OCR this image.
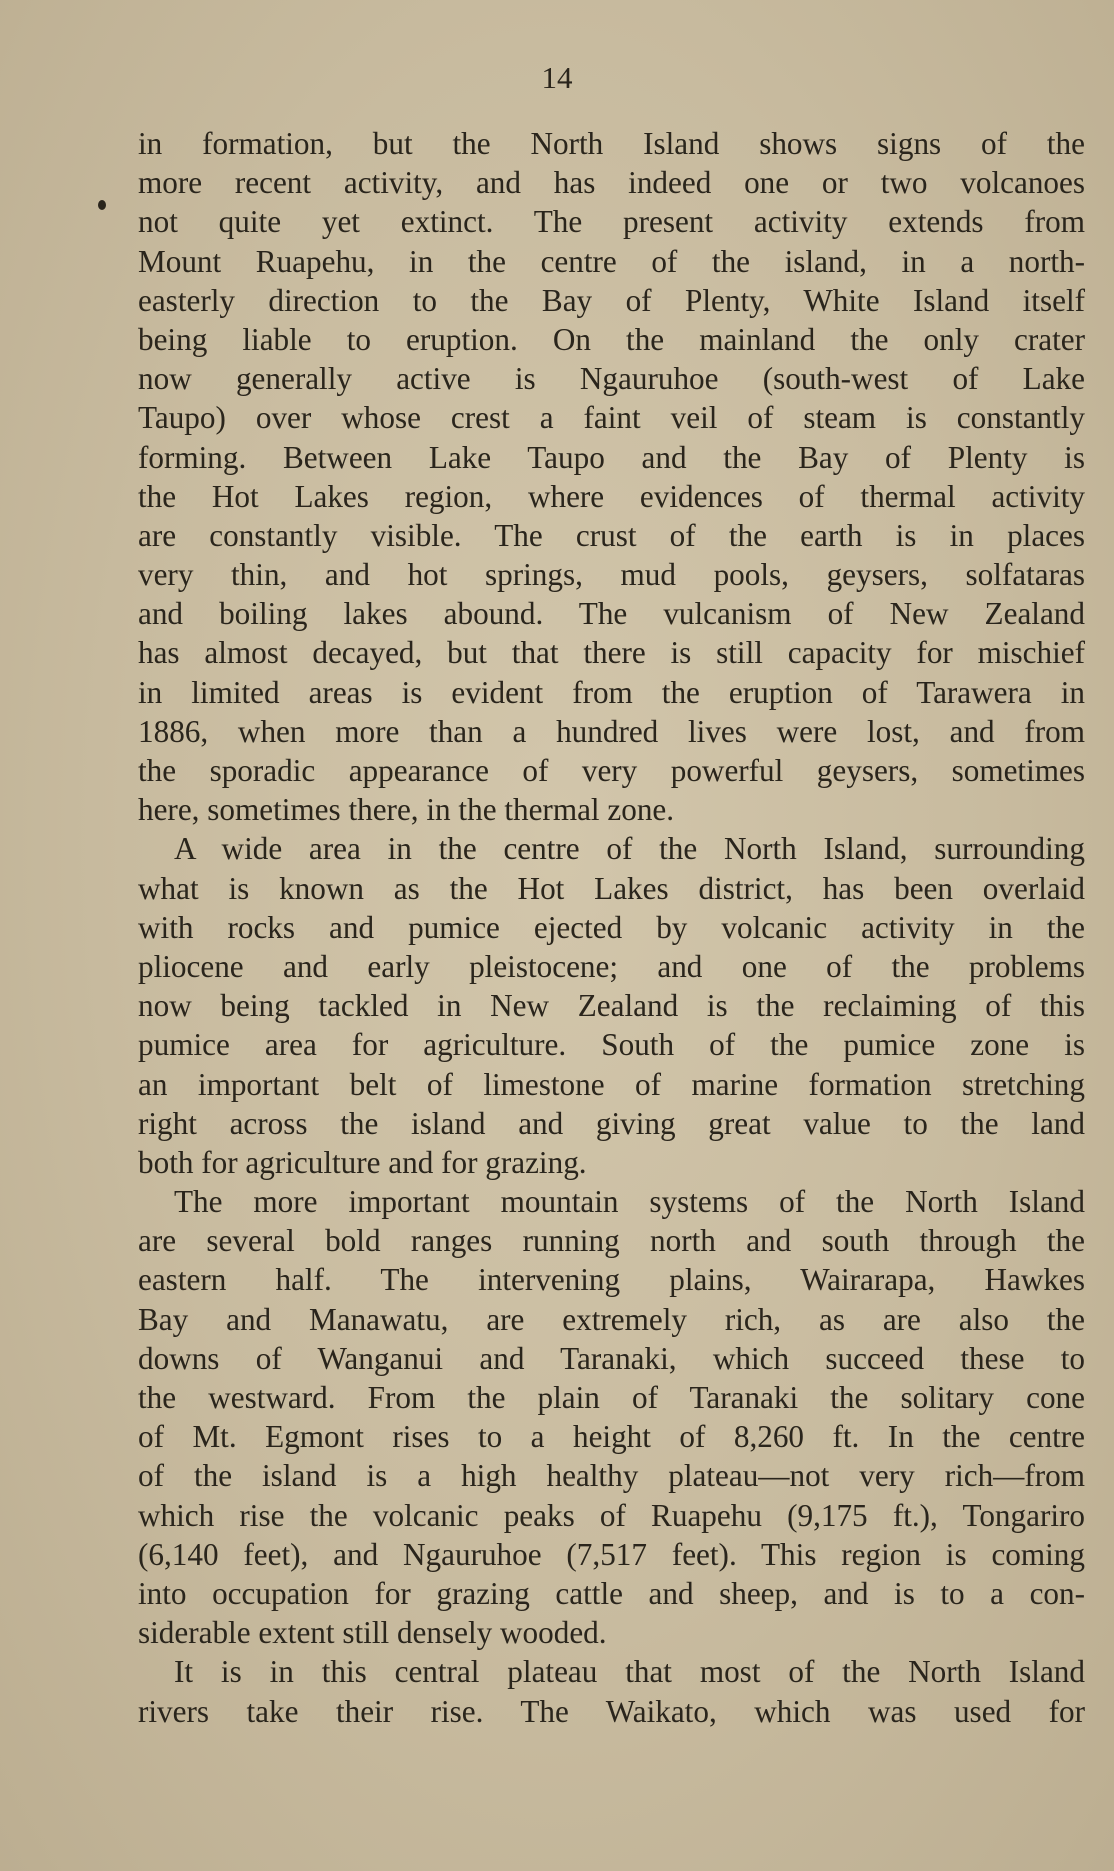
14
in formation, but the North Island shows signs of the
more recent activity, and has indeed one or two volcanoes
not quite yet extinct. The present activity extends from
Mount Ruapehu, in the centre of the island, in a north-
easterly direction to the Bay of Plenty, White Island itself
being liable to eruption. On the mainland the only crater
now generally active is Ngauruhoe (south-west of Lake
Taupo) over whose crest a faint veil of steam is constantly
forming. Between Lake Taupo and the Bay of Plenty is
the Hot Lakes region, where evidences of thermal activity
are constantly visible. The crust of the earth is in places
very thin, and hot springs, mud pools, geysers, solfataras
and boiling lakes abound. The vulcanism of New Zealand
has almost decayed, but that there is still capacity for mischief
in limited areas is evident from the eruption of Tarawera in
1886, when more than a hundred lives were lost, and from
the sporadic appearance of very powerful geysers, sometimes
here, sometimes there, in the thermal zone.
A wide area in the centre of the North Island, surrounding
what is known as the Hot Lakes district, has been overlaid
with rocks and pumice ejected by volcanic activity in the
pliocene and early pleistocene; and one of the problems
now being tackled in New Zealand is the reclaiming of this
pumice area for agriculture. South of the pumice zone is
an important belt of limestone of marine formation stretching
right across the island and giving great value to the land
both for agriculture and for grazing.
The more important mountain systems of the North Island
are several bold ranges running north and south through the
eastern half. The intervening plains, Wairarapa, Hawkes
Bay and Manawatu, are extremely rich, as are also the
downs of Wanganui and Taranaki, which succeed these to
the westward. From the plain of Taranaki the solitary cone
of Mt. Egmont rises to a height of 8,260 ft. In the centre
of the island is a high healthy plateau—not very rich—from
which rise the volcanic peaks of Ruapehu (9,175 ft.), Tongariro
(6,140 feet), and Ngauruhoe (7,517 feet). This region is coming
into occupation for grazing cattle and sheep, and is to a con-
siderable extent still densely wooded.
It is in this central plateau that most of the North Island
rivers take their rise. The Waikato, which was used for
